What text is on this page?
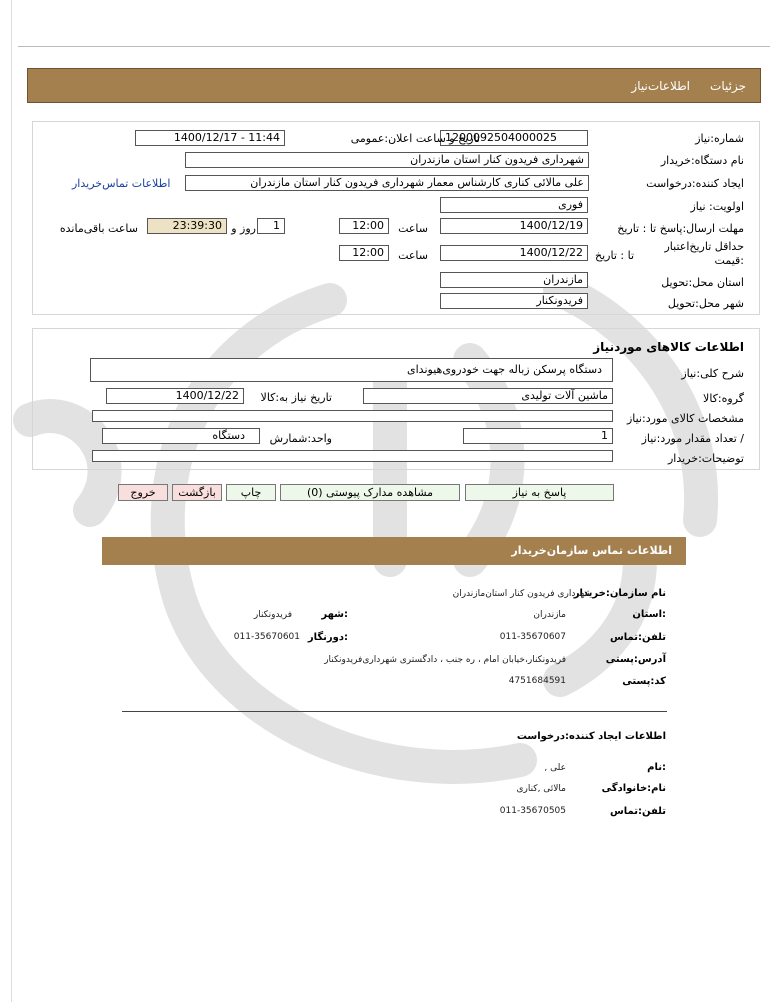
جزئیات
اطلاعات‌نیاز
شماره:نیاز
1200092504000025
تاریخ و ساعت اعلان:عمومی
1400/12/17 - 11:44
نام دستگاه:خریدار
شهرداری فریدون کنار استان مازندران
ایجاد کننده:درخواست
علی مالائی کناری کارشناس معمار شهرداری فریدون کنار استان مازندران
اطلاعات تماس‌خریدار
اولویت: نیاز
فوری
مهلت ارسال:پاسخ تا : تاریخ
1400/12/19
ساعت
12:00
1
روز و
23:39:30
ساعت باقی‌مانده
حداقل تاریخ‌اعتبار
:قیمت
تا : تاریخ
1400/12/22
ساعت
12:00
استان محل:تحویل
مازندران
شهر محل:تحویل
فریدونکنار
اطلاعات کالاهای موردنیاز
شرح کلی:نیاز
دستگاه پرسکن زباله جهت خودروی‌هیوندای
گروه:کالا
ماشین آلات تولیدی
تاریخ نیاز به:کالا
1400/12/22
مشخصات کالای مورد:نیاز
/ تعداد مقدار مورد:نیاز
1
واحد:شمارش
دستگاه
توضیحات:خریدار
پاسخ به نیاز
مشاهده مدارک پیوستی (0)
چاپ
بازگشت
خروج
اطلاعات تماس سازمان‌خریدار
نام سازمان:خریدار
شهرداری فریدون کنار استان‌مازندران
:استان
مازندران
:شهر
فریدونکنار
تلفن:تماس
011-35670607
:دورنگار
011-35670601
آدرس:پستی
فریدونکنار،خیابان امام ، ره جنب ، دادگستری شهرداری‌فریدونکنار
کد:پستی
4751684591
اطلاعات ایجاد کننده:درخواست
:نام
علی ,
نام:خانوادگی
مالائی ,کناری
تلفن:تماس
011-35670505
